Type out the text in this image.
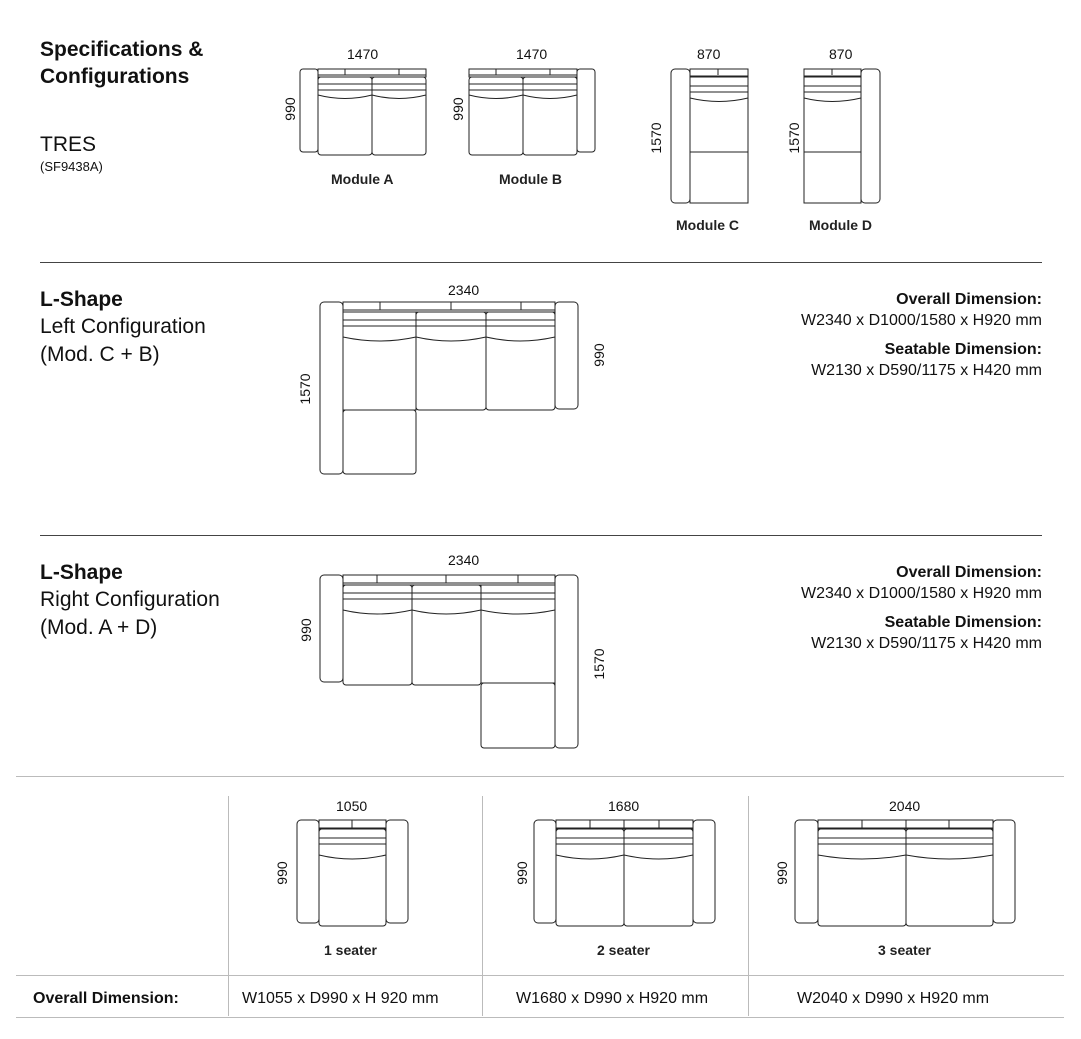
Specifications &
Configurations
TRES
(SF9438A)
1470
990
Module A
1470
990
Module B
870
1570
Module C
870
1570
Module D
L-Shape
Left Configuration
(Mod. C + B)
2340
1570
990
Overall Dimension:
W2340 x D1000/1580 x H920 mm
Seatable Dimension:
W2130 x D590/1175 x H420 mm
L-Shape
Right Configuration
(Mod. A + D)
2340
990
1570
Overall Dimension:
W2340 x D1000/1580 x H920 mm
Seatable Dimension:
W2130 x D590/1175 x H420 mm
1050
990
1 seater
1680
990
2 seater
2040
990
3 seater
Overall Dimension:	W1055 x D990 x H 920 mm	W1680 x D990 x H920 mm	W2040 x D990 x H920 mm
